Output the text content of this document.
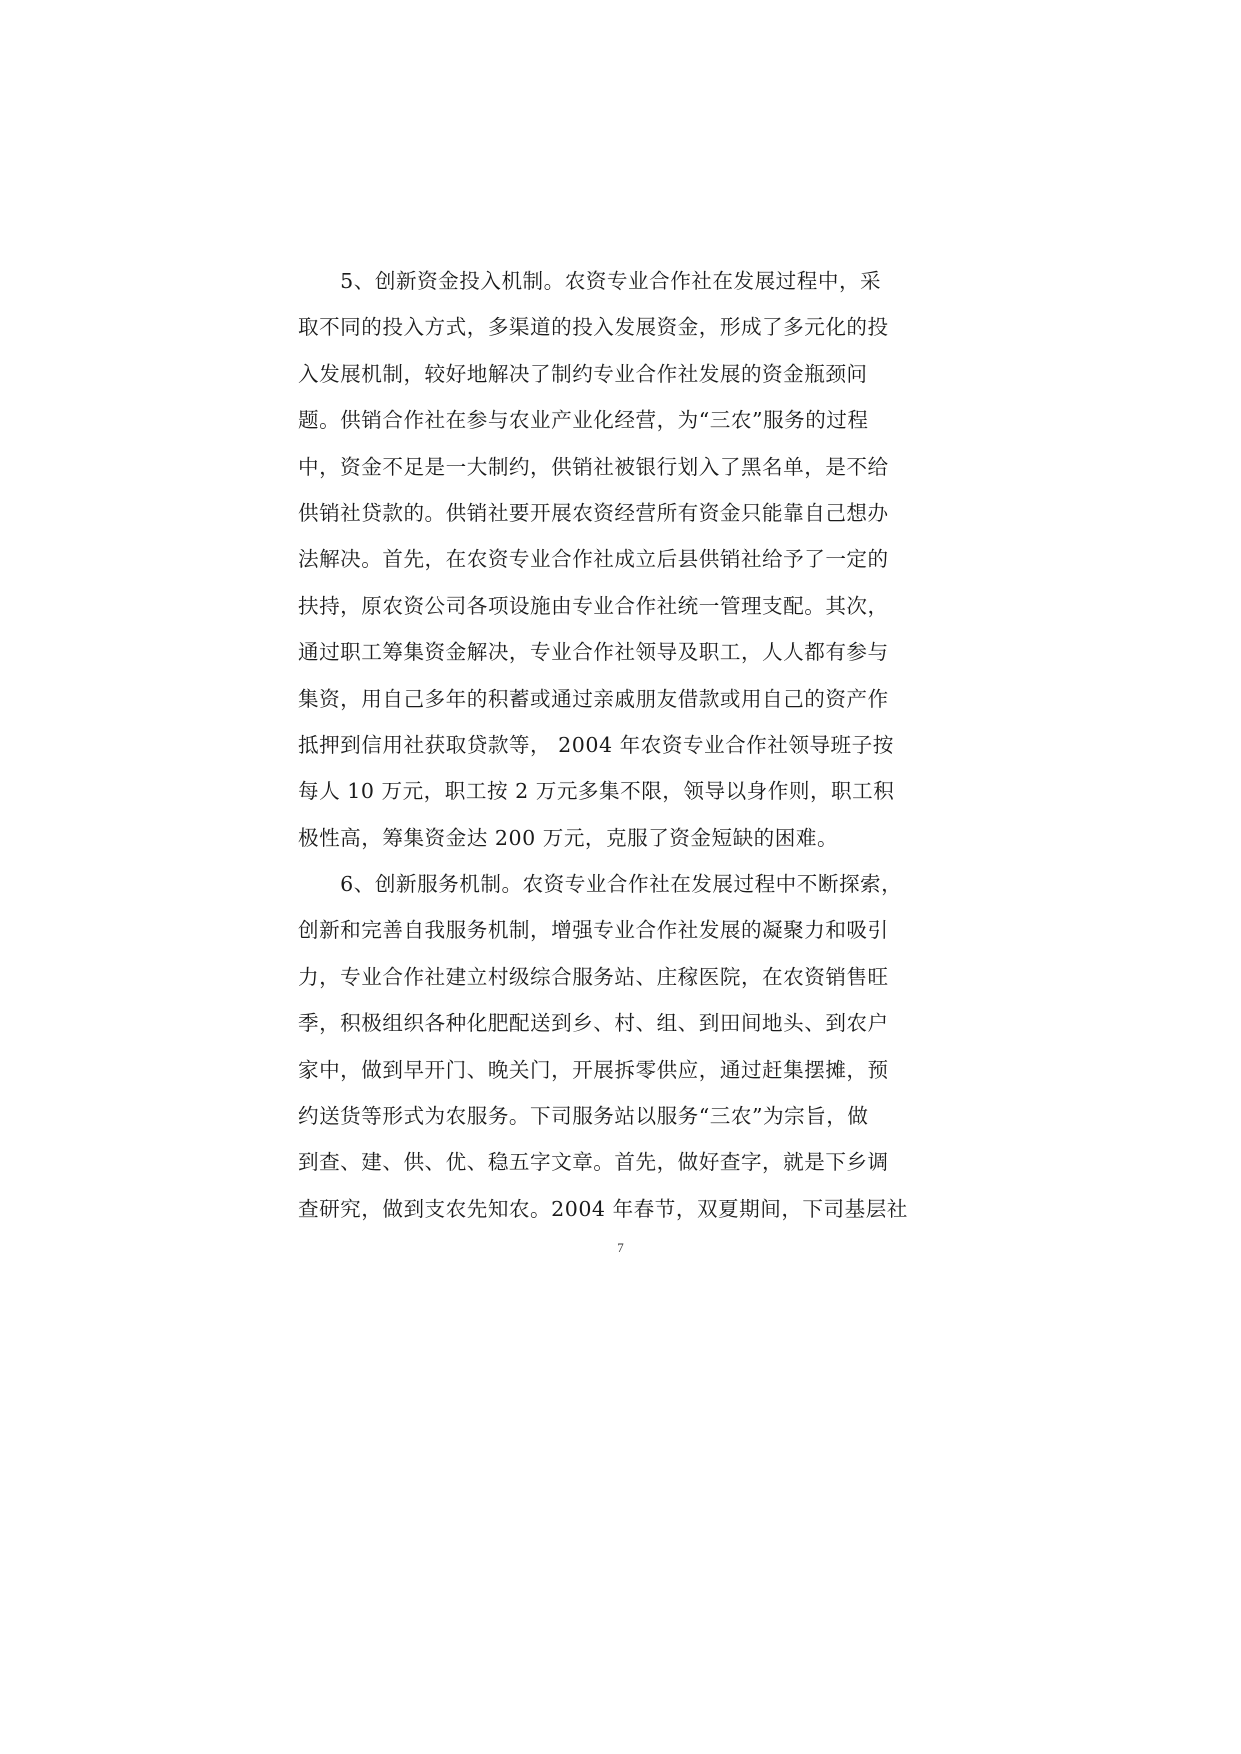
　　5、创新资金投入机制。农资专业合作社在发展过程中，采
取不同的投入方式，多渠道的投入发展资金，形成了多元化的投
入发展机制，较好地解决了制约专业合作社发展的资金瓶颈问
题。供销合作社在参与农业产业化经营，为“三农”服务的过程
中，资金不足是一大制约，供销社被银行划入了黑名单，是不给
供销社贷款的。供销社要开展农资经营所有资金只能靠自己想办
法解决。首先，在农资专业合作社成立后县供销社给予了一定的
扶持，原农资公司各项设施由专业合作社统一管理支配。其次，
通过职工筹集资金解决，专业合作社领导及职工，人人都有参与
集资，用自己多年的积蓄或通过亲戚朋友借款或用自己的资产作
抵押到信用社获取贷款等， 2004 年农资专业合作社领导班子按
每人 10 万元，职工按 2 万元多集不限，领导以身作则，职工积
极性高，筹集资金达 200 万元，克服了资金短缺的困难。
　　6、创新服务机制。农资专业合作社在发展过程中不断探索，
创新和完善自我服务机制，增强专业合作社发展的凝聚力和吸引
力，专业合作社建立村级综合服务站、庄稼医院，在农资销售旺
季，积极组织各种化肥配送到乡、村、组、到田间地头、到农户
家中，做到早开门、晚关门，开展拆零供应，通过赶集摆摊，预
约送货等形式为农服务。下司服务站以服务“三农”为宗旨，做
到查、建、供、优、稳五字文章。首先，做好查字，就是下乡调
查研究，做到支农先知农。2004 年春节，双夏期间，下司基层社
7
